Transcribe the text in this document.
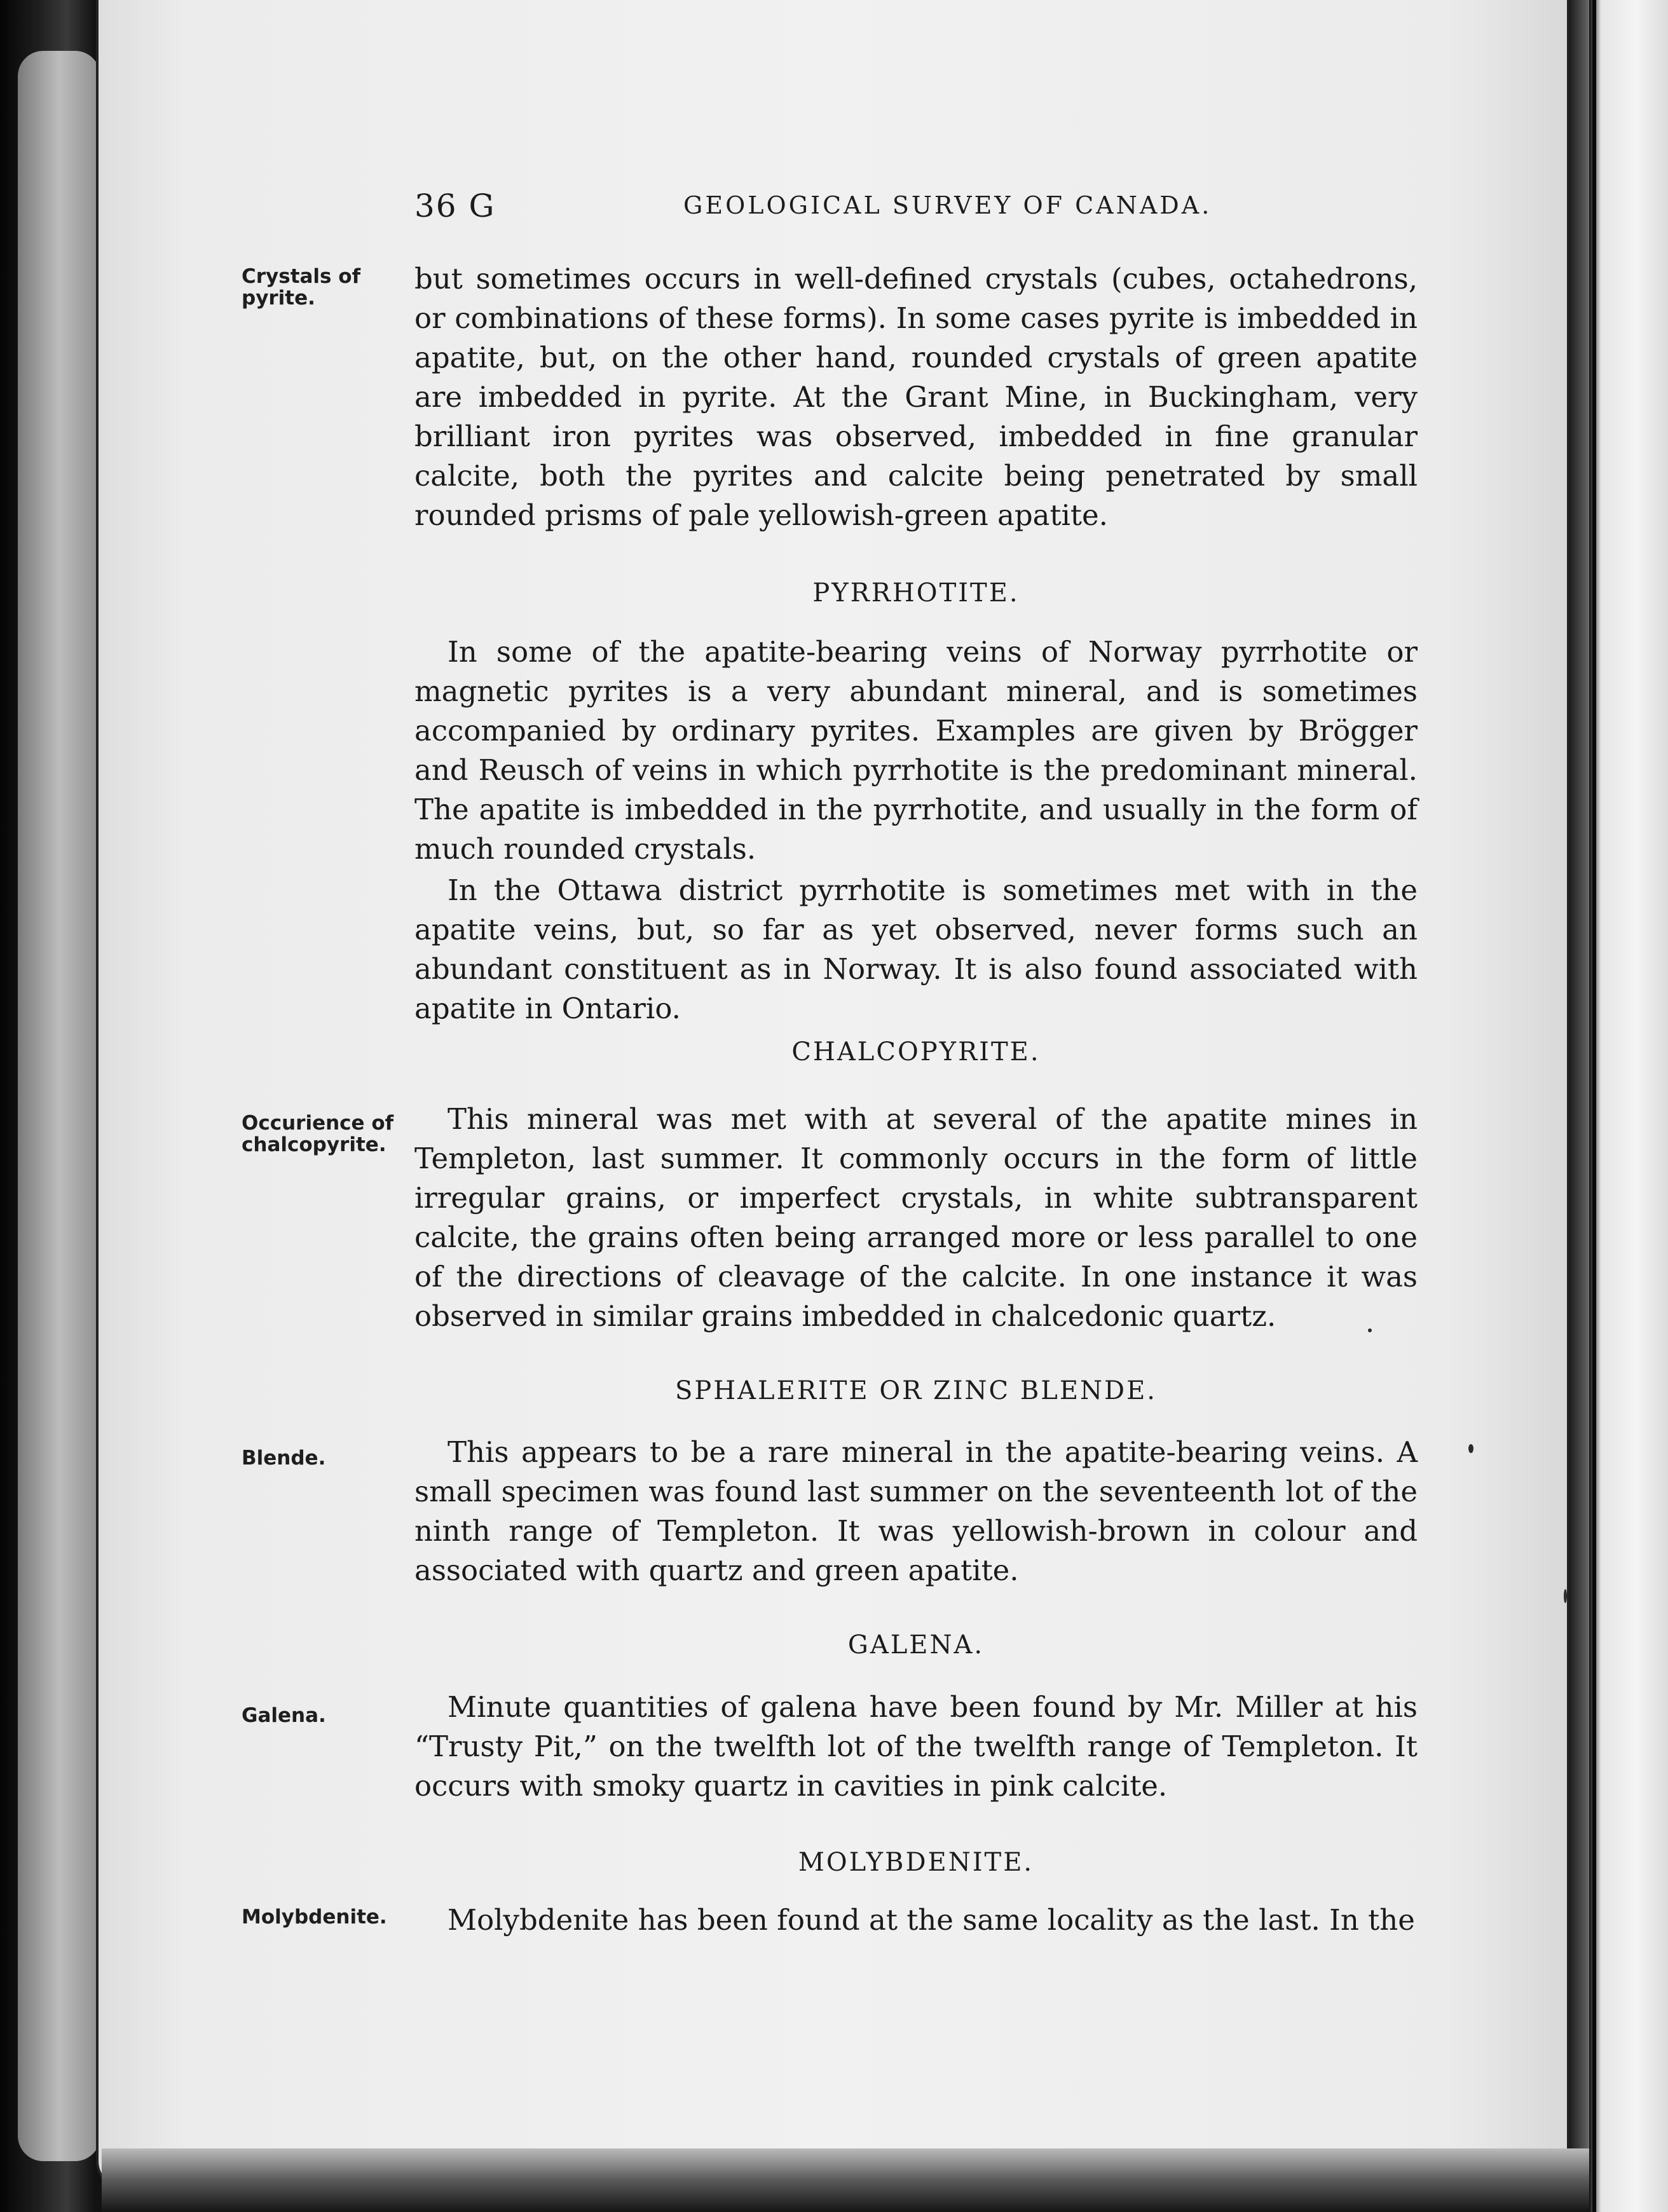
36 G	GEOLOGICAL SURVEY OF CANADA.
Crystals of pyrite.
Occurience of chalcopyrite.
Blende.
Galena.
Molybdenite.

but sometimes occurs in well-defined crystals (cubes, octahedrons, or combinations of these forms). In some cases pyrite is imbedded in apatite, but, on the other hand, rounded crystals of green apatite are imbedded in pyrite. At the Grant Mine, in Buckingham, very brilliant iron pyrites was observed, imbedded in fine granular calcite, both the pyrites and calcite being penetrated by small rounded prisms of pale yellowish-green apatite.

PYRRHOTITE.

In some of the apatite-bearing veins of Norway pyrrhotite or magnetic pyrites is a very abundant mineral, and is sometimes accompanied by ordinary pyrites. Examples are given by Brögger and Reusch of veins in which pyrrhotite is the predominant mineral. The apatite is imbedded in the pyrrhotite, and usually in the form of much rounded crystals.

In the Ottawa district pyrrhotite is sometimes met with in the apatite veins, but, so far as yet observed, never forms such an abundant constituent as in Norway. It is also found associated with apatite in Ontario.

CHALCOPYRITE.

This mineral was met with at several of the apatite mines in Templeton, last summer. It commonly occurs in the form of little irregular grains, or imperfect crystals, in white subtransparent calcite, the grains often being arranged more or less parallel to one of the directions of cleavage of the calcite. In one instance it was observed in similar grains imbedded in chalcedonic quartz.

SPHALERITE OR ZINC BLENDE.

This appears to be a rare mineral in the apatite-bearing veins. A small specimen was found last summer on the seventeenth lot of the ninth range of Templeton. It was yellowish-brown in colour and associated with quartz and green apatite.

GALENA.

Minute quantities of galena have been found by Mr. Miller at his “Trusty Pit,” on the twelfth lot of the twelfth range of Templeton. It occurs with smoky quartz in cavities in pink calcite.

MOLYBDENITE.

Molybdenite has been found at the same locality as the last. In the
